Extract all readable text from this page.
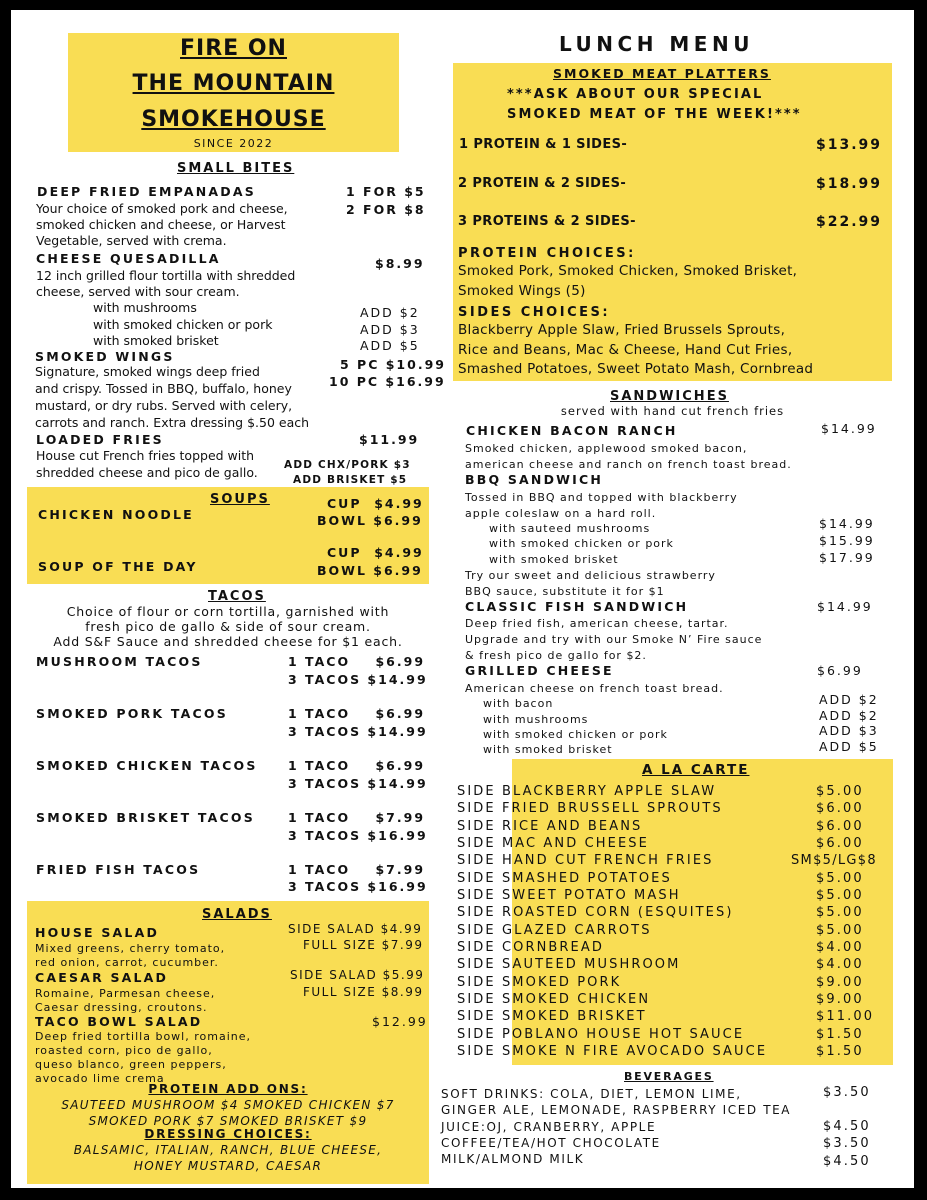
FIRE ON
THE MOUNTAIN
SMOKEHOUSE
SINCE 2022
LUNCH MENU
SMALL BITES
DEEP FRIED EMPANADAS	1 FOR $5
2 FOR $8
Your choice of smoked pork and cheese,
smoked chicken and cheese, or Harvest
Vegetable, served with crema.
CHEESE QUESADILLA	$8.99
12 inch grilled flour tortilla with shredded
cheese, served with sour cream.
with mushrooms	ADD $2
with smoked chicken or pork	ADD $3
with smoked brisket	ADD $5
SMOKED WINGS
5 PC $10.99
10 PC $16.99
Signature, smoked wings deep fried
and crispy. Tossed in BBQ, buffalo, honey
mustard, or dry rubs. Served with celery,
carrots and ranch. Extra dressing $.50 each
LOADED FRIES	$11.99
House cut French fries topped with
shredded cheese and pico de gallo.	ADD CHX/PORK $3
ADD BRISKET $5
SOUPS
CHICKEN NOODLE
CUP  $4.99
BOWL $6.99
SOUP OF THE DAY
CUP  $4.99
BOWL $6.99
TACOS
Choice of flour or corn tortilla, garnished with
fresh pico de gallo & side of sour cream.
Add S&F Sauce and shredded cheese for $1 each.
MUSHROOM TACOS	1 TACO    $6.99
3 TACOS $14.99
SMOKED PORK TACOS	1 TACO    $6.99
3 TACOS $14.99
SMOKED CHICKEN TACOS 1 TACO    $6.99
3 TACOS $14.99
SMOKED BRISKET TACOS	1 TACO    $7.99
3 TACOS $16.99
FRIED FISH TACOS	1 TACO    $7.99
3 TACOS $16.99
SALADS
HOUSE SALAD	SIDE SALAD $4.99
FULL SIZE $7.99
Mixed greens, cherry tomato,
red onion, carrot, cucumber.
CAESAR SALAD	SIDE SALAD $5.99
FULL SIZE $8.99
Romaine, Parmesan cheese,
Caesar dressing, croutons.
TACO BOWL SALAD	$12.99
Deep fried tortilla bowl, romaine,
roasted corn, pico de gallo,
queso blanco, green peppers,
avocado lime crema
PROTEIN ADD ONS:
SAUTEED MUSHROOM $4 SMOKED CHICKEN $7
SMOKED PORK $7 SMOKED BRISKET $9
DRESSING CHOICES:
BALSAMIC, ITALIAN, RANCH, BLUE CHEESE,
HONEY MUSTARD, CAESAR
SMOKED MEAT PLATTERS
***ASK ABOUT OUR SPECIAL
SMOKED MEAT OF THE WEEK!***
1 PROTEIN & 1 SIDES-	$13.99
2 PROTEIN & 2 SIDES-	$18.99
3 PROTEINS & 2 SIDES-	$22.99
PROTEIN CHOICES:
Smoked Pork, Smoked Chicken, Smoked Brisket,
Smoked Wings (5)
SIDES CHOICES:
Blackberry Apple Slaw, Fried Brussels Sprouts,
Rice and Beans, Mac & Cheese, Hand Cut Fries,
Smashed Potatoes, Sweet Potato Mash, Cornbread
SANDWICHES
served with hand cut french fries
CHICKEN BACON RANCH	$14.99
Smoked chicken, applewood smoked bacon,
american cheese and ranch on french toast bread.
BBQ SANDWICH
Tossed in BBQ and topped with blackberry
apple coleslaw on a hard roll.
with sauteed mushrooms	$14.99
with smoked chicken or pork	$15.99
with smoked brisket	$17.99
Try our sweet and delicious strawberry
BBQ sauce, substitute it for $1
CLASSIC FISH SANDWICH	$14.99
Deep fried fish, american cheese, tartar.
Upgrade and try with our Smoke N’ Fire sauce
& fresh pico de gallo for $2.
GRILLED CHEESE	$6.99
American cheese on french toast bread.
with bacon	ADD $2
with mushrooms	ADD $2
with smoked chicken or pork	ADD $3
with smoked brisket	ADD $5
A LA CARTE
SIDE BLACKBERRY APPLE SLAW	$5.00
SIDE FRIED BRUSSELL SPROUTS	$6.00
SIDE RICE AND BEANS	$6.00
SIDE MAC AND CHEESE	$6.00
SIDE HAND CUT FRENCH FRIES	SM$5/LG$8
SIDE SMASHED POTATOES	$5.00
SIDE SWEET POTATO MASH	$5.00
SIDE ROASTED CORN (ESQUITES)	$5.00
SIDE GLAZED CARROTS	$5.00
SIDE CORNBREAD	$4.00
SIDE SAUTEED MUSHROOM	$4.00
SIDE SMOKED PORK	$9.00
SIDE SMOKED CHICKEN	$9.00
SIDE SMOKED BRISKET	$11.00
SIDE POBLANO HOUSE HOT SAUCE	$1.50
SIDE SMOKE N FIRE AVOCADO SAUCE	$1.50
BEVERAGES
SOFT DRINKS: COLA, DIET, LEMON LIME,	$3.50
GINGER ALE, LEMONADE, RASPBERRY ICED TEA
JUICE:OJ, CRANBERRY, APPLE	$4.50
COFFEE/TEA/HOT CHOCOLATE	$3.50
MILK/ALMOND MILK	$4.50
